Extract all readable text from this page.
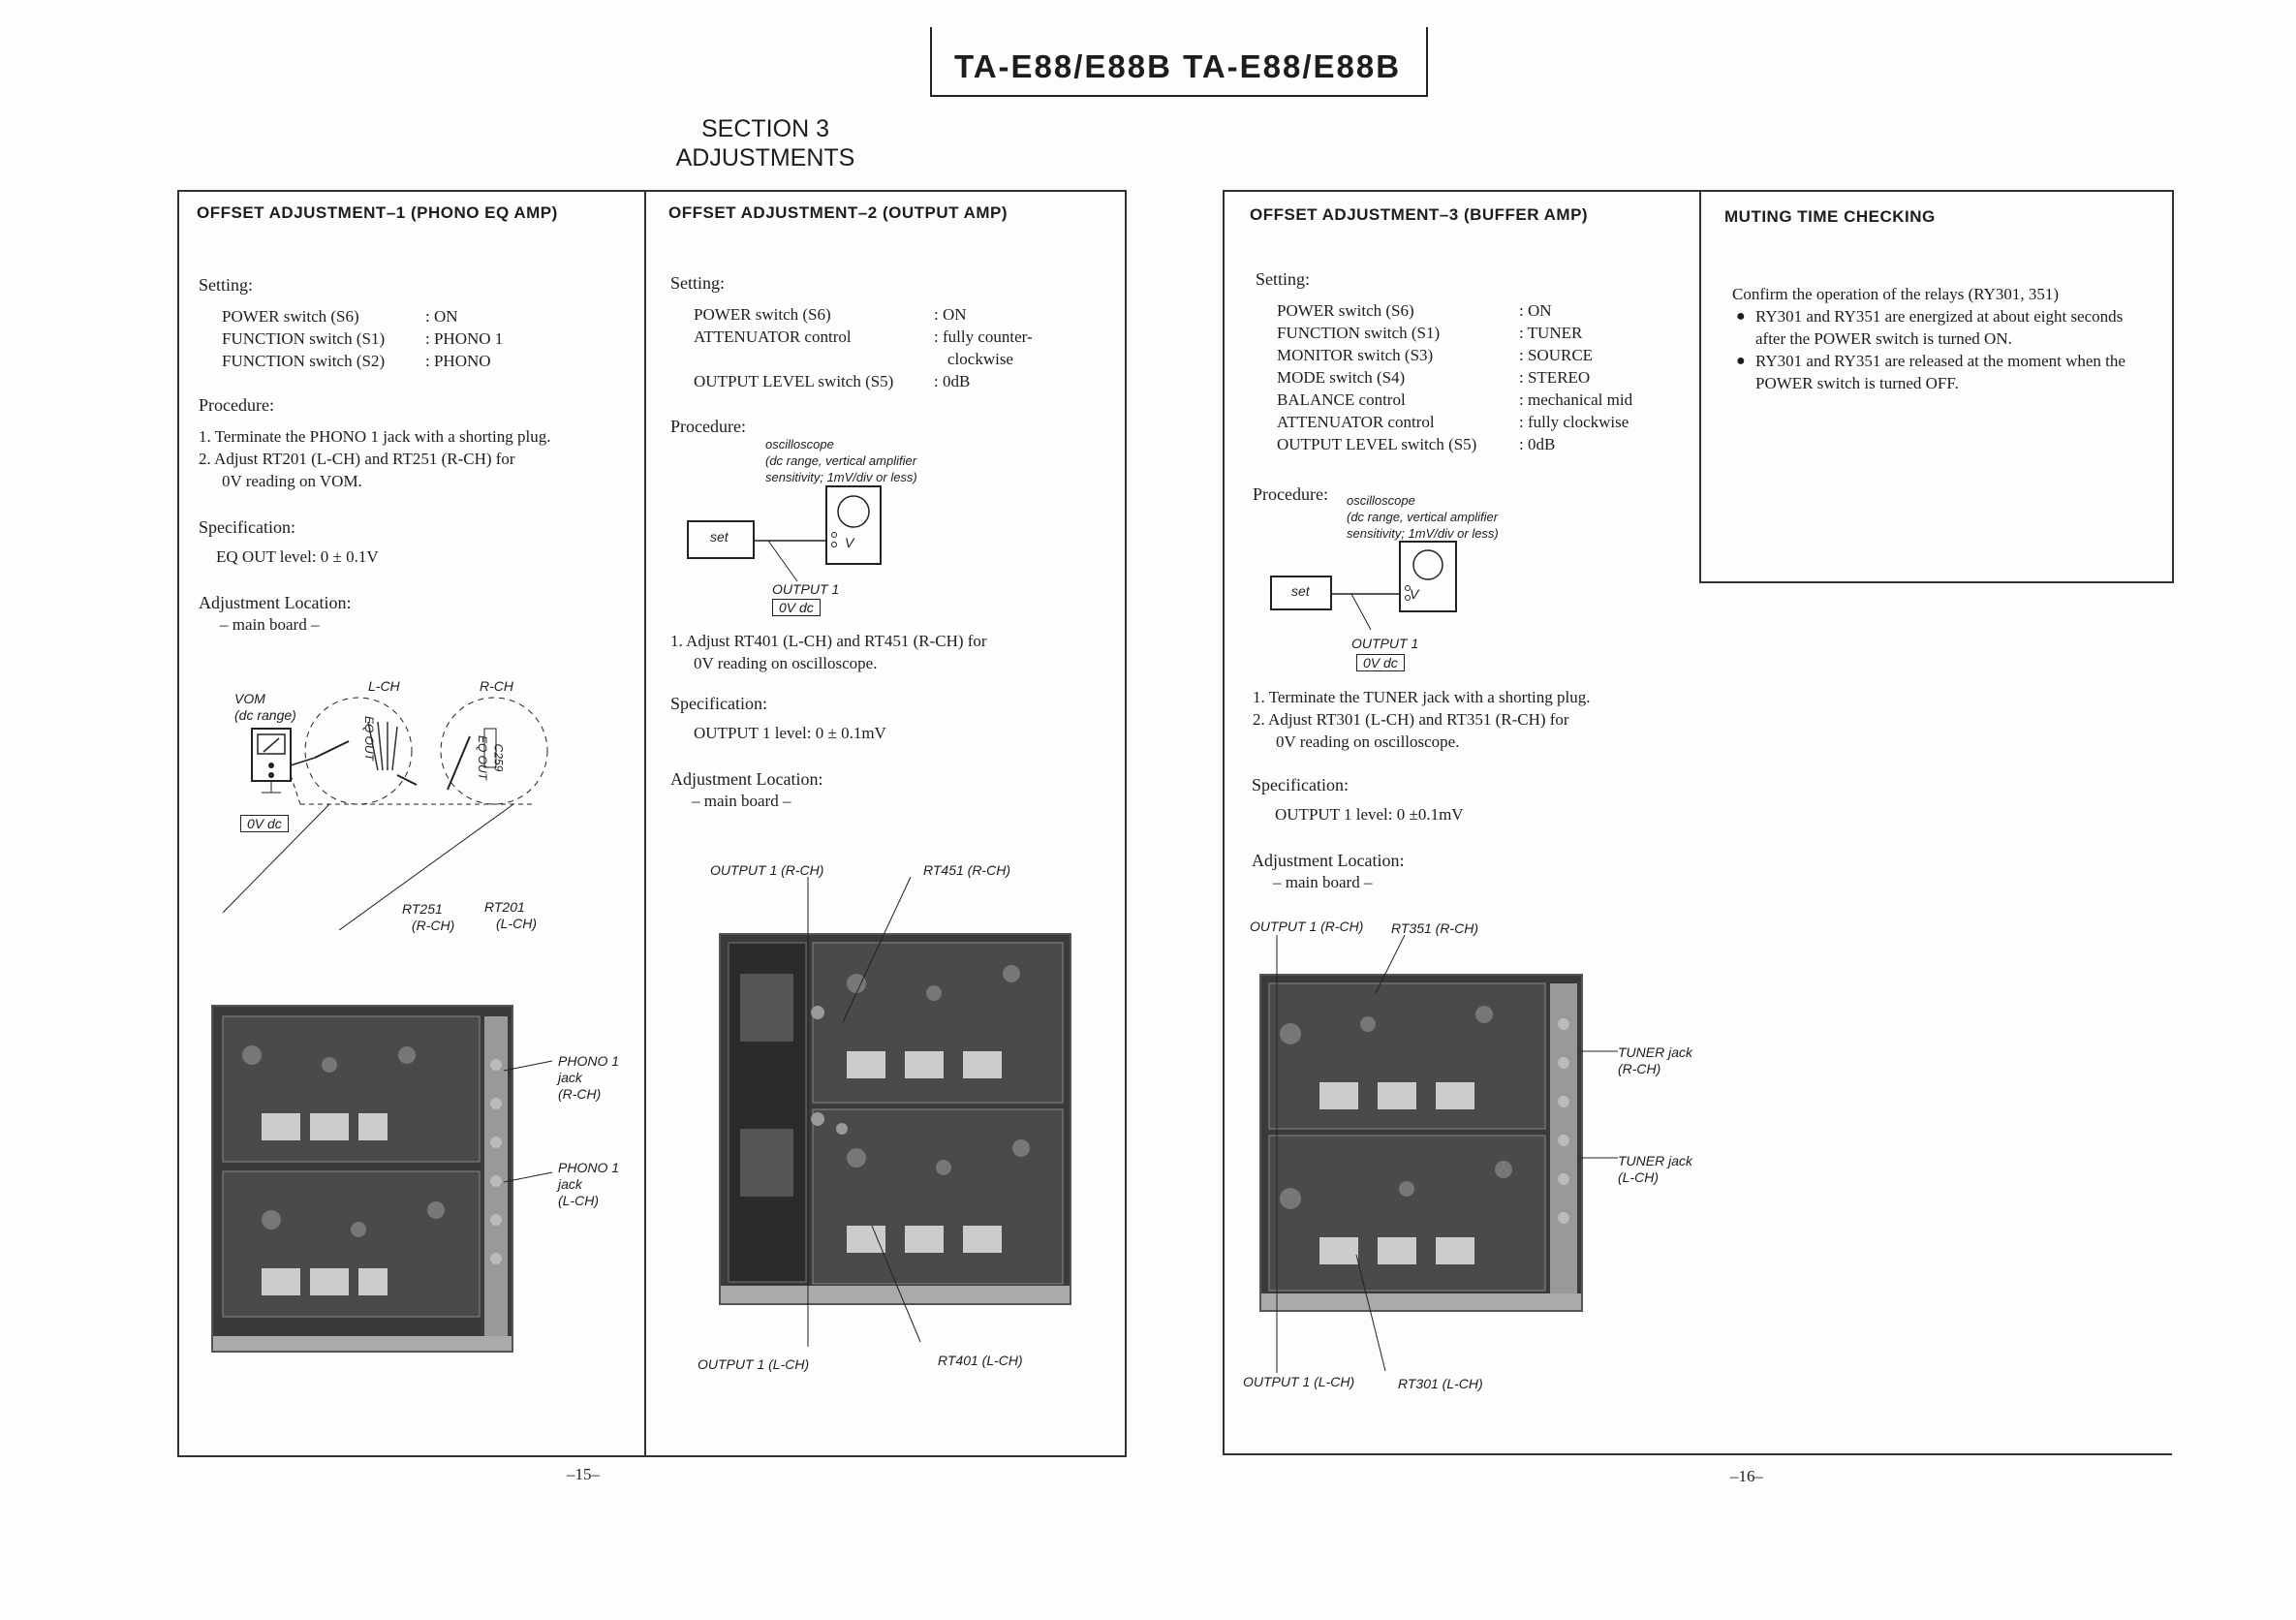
TA-E88/E88B TA-E88/E88B
SECTION 3
ADJUSTMENTS
OFFSET ADJUSTMENT–1 (PHONO EQ AMP)
Setting:
POWER switch (S6)	: ON
FUNCTION switch (S1)	: PHONO 1
FUNCTION switch (S2)	: PHONO
Procedure:
1. Terminate the PHONO 1 jack with a shorting plug.
2. Adjust RT201 (L-CH) and RT251 (R-CH) for
0V reading on VOM.
Specification:
EQ OUT level: 0 ± 0.1V
Adjustment Location:
– main board –
VOM
(dc range)
L-CH	R-CH
EQ OUT	EQ OUT C259
0V dc
RT251
(R-CH)
RT201
(L-CH)
PHONO 1
jack
(R-CH)
PHONO 1
jack
(L-CH)
OFFSET ADJUSTMENT–2 (OUTPUT AMP)
Setting:
POWER switch (S6)	: ON
ATTENUATOR control	: fully counter-
clockwise
OUTPUT LEVEL switch (S5)	: 0dB
Procedure:
oscilloscope
(dc range, vertical amplifier
sensitivity; 1mV/div or less)
set	V
OUTPUT 1
0V dc
1. Adjust RT401 (L-CH) and RT451 (R-CH) for
0V reading on oscilloscope.
Specification:
OUTPUT 1 level: 0 ± 0.1mV
Adjustment Location:
– main board –
OUTPUT 1 (R-CH)	RT451 (R-CH)
OUTPUT 1 (L-CH)	RT401 (L-CH)
–15–
OFFSET ADJUSTMENT–3 (BUFFER AMP)
Setting:
POWER switch (S6)	: ON
FUNCTION switch (S1)	: TUNER
MONITOR switch (S3)	: SOURCE
MODE switch (S4)	: STEREO
BALANCE control	: mechanical mid
ATTENUATOR control	: fully clockwise
OUTPUT LEVEL switch (S5)	: 0dB
Procedure: oscilloscope
(dc range, vertical amplifier
sensitivity; 1mV/div or less)
set	V
OUTPUT 1
0V dc
1. Terminate the TUNER jack with a shorting plug.
2. Adjust RT301 (L-CH) and RT351 (R-CH) for
0V reading on oscilloscope.
Specification:
OUTPUT 1 level: 0 ±0.1mV
Adjustment Location:
– main board –
OUTPUT 1 (R-CH) RT351 (R-CH)
TUNER jack
(R-CH)
TUNER jack
(L-CH)
OUTPUT 1 (L-CH)	RT301 (L-CH)
MUTING TIME CHECKING
Confirm the operation of the relays (RY301, 351)
● RY301 and RY351 are energized at about eight seconds after the POWER switch is turned ON.
● RY301 and RY351 are released at the moment when the POWER switch is turned OFF.
–16–
